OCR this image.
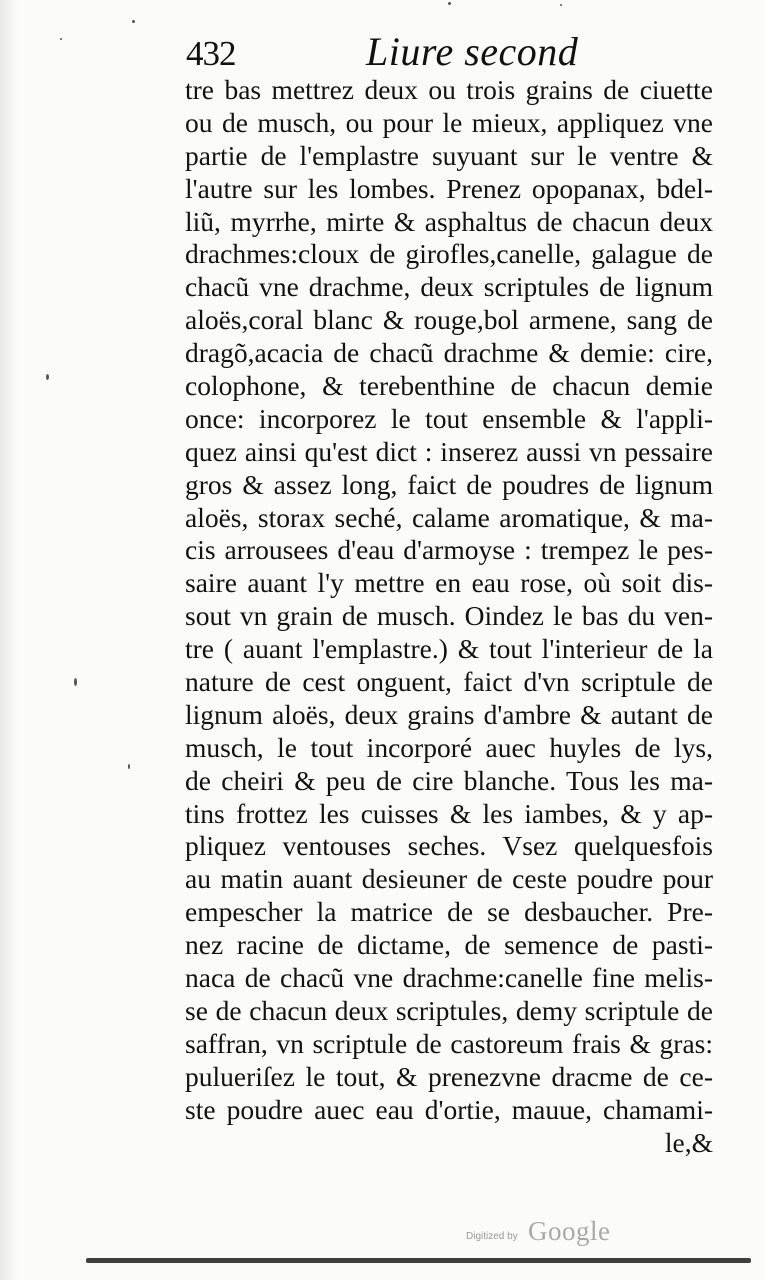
432	Liure second
tre bas mettrez deux ou trois grains de ciuette
ou de musch, ou pour le mieux, appliquez vne
partie de l'emplastre suyuant sur le ventre &
l'autre sur les lombes. Prenez opopanax, bdel-
liũ, myrrhe, mirte & asphaltus de chacun deux
drachmes:cloux de girofles,canelle, galague de
chacũ vne drachme, deux scriptules de lignum
aloës,coral blanc & rouge,bol armene, sang de
dragõ,acacia de chacũ drachme & demie: cire,
colophone, & terebenthine de chacun demie
once: incorporez le tout ensemble & l'appli-
quez ainsi qu'est dict : inserez aussi vn pessaire
gros & assez long, faict de poudres de lignum
aloës, storax seché, calame aromatique, & ma-
cis arrousees d'eau d'armoyse : trempez le pes-
saire auant l'y mettre en eau rose, où soit dis-
sout vn grain de musch. Oindez le bas du ven-
tre ( auant l'emplastre.) & tout l'interieur de la
nature de cest onguent, faict d'vn scriptule de
lignum aloës, deux grains d'ambre & autant de
musch, le tout incorporé auec huyles de lys,
de cheiri & peu de cire blanche. Tous les ma-
tins frottez les cuisses & les iambes, & y ap-
pliquez ventouses seches. Vsez quelquesfois
au matin auant desieuner de ceste poudre pour
empescher la matrice de se desbaucher. Pre-
nez racine de dictame, de semence de pasti-
naca de chacũ vne drachme:canelle fine melis-
se de chacun deux scriptules, demy scriptule de
saffran, vn scriptule de castoreum frais & gras:
pulueriſez le tout, & prenezvne dracme de ce-
ste poudre auec eau d'ortie, mauue, chamami-
le,&
Digitized by Google
